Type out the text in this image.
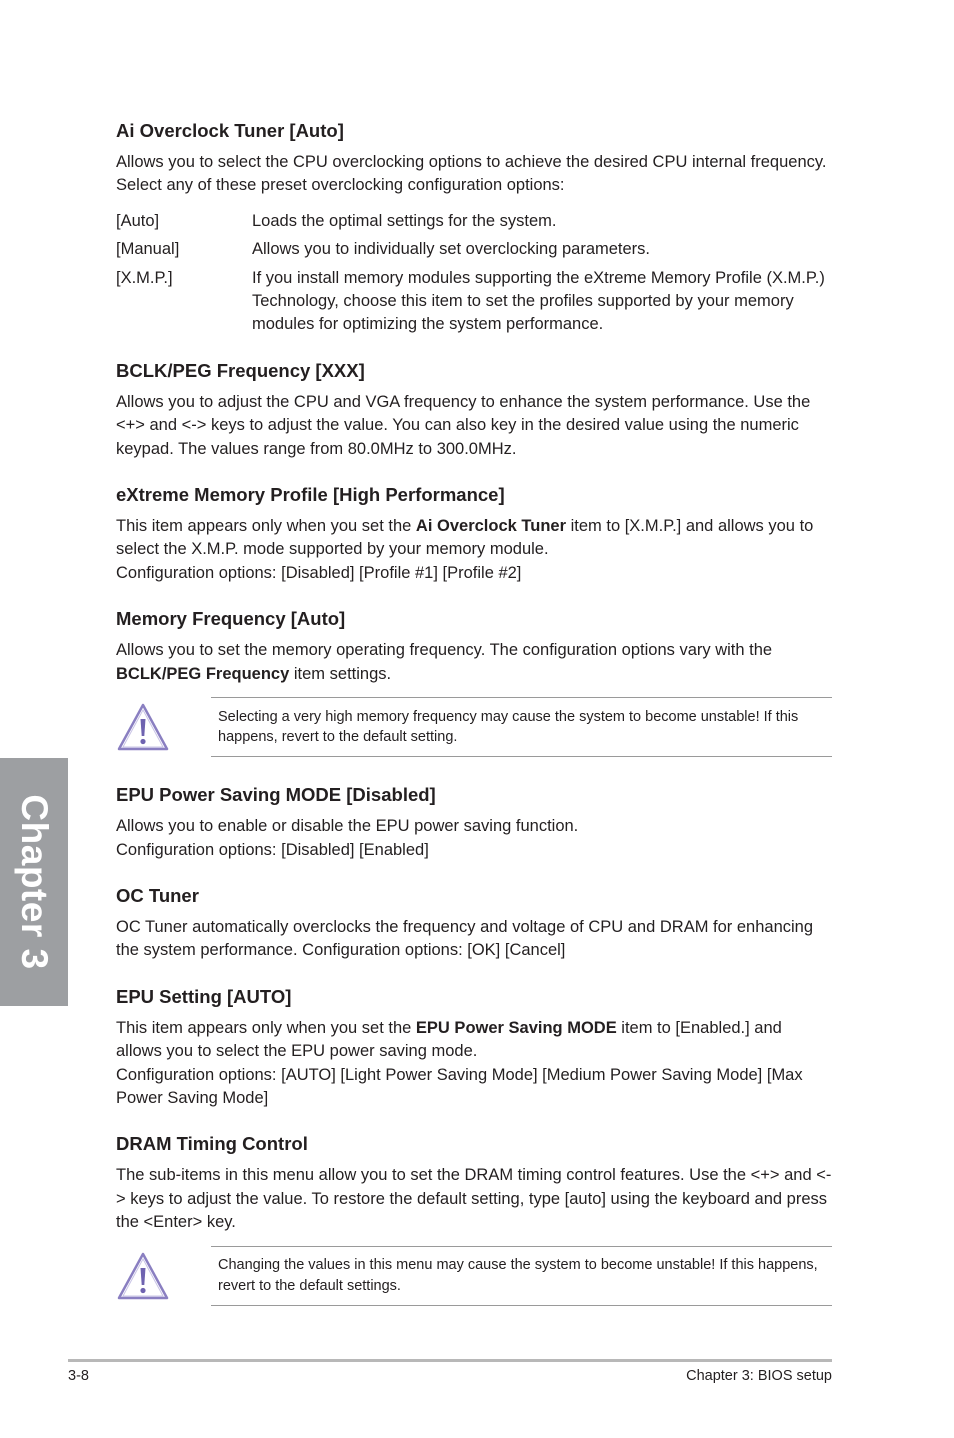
Chapter 3
Ai Overclock Tuner [Auto]

Allows you to select the CPU overclocking options to achieve the desired CPU internal frequency. Select any of these preset overclocking configuration options:

[Auto]	Loads the optimal settings for the system.
[Manual]	Allows you to individually set overclocking parameters.
[X.M.P.]	If you install memory modules supporting the eXtreme Memory Profile (X.M.P.) Technology, choose this item to set the profiles supported by your memory modules for optimizing the system performance.
BCLK/PEG Frequency [XXX]

Allows you to adjust the CPU and VGA frequency to enhance the system performance. Use the <+> and <-> keys to adjust the value. You can also key in the desired value using the numeric keypad. The values range from 80.0MHz to 300.0MHz.

eXtreme Memory Profile [High Performance]

This item appears only when you set the Ai Overclock Tuner item to [X.M.P.] and allows you to select the X.M.P. mode supported by your memory module.

Configuration options: [Disabled] [Profile #1] [Profile #2]

Memory Frequency [Auto]

Allows you to set the memory operating frequency. The configuration options vary with the BCLK/PEG Frequency item settings.

Selecting a very high memory frequency may cause the system to become unstable! If this happens, revert to the default setting.
EPU Power Saving MODE [Disabled]

Allows you to enable or disable the EPU power saving function.

Configuration options: [Disabled] [Enabled]

OC Tuner

OC Tuner automatically overclocks the frequency and voltage of CPU and DRAM for enhancing the system performance. Configuration options: [OK] [Cancel]

EPU Setting [AUTO]

This item appears only when you set the EPU Power Saving MODE item to [Enabled.] and allows you to select the EPU power saving mode.

Configuration options: [AUTO] [Light Power Saving Mode] [Medium Power Saving Mode] [Max Power Saving Mode]

DRAM Timing Control

The sub-items in this menu allow you to set the DRAM timing control features. Use the <+> and <-> keys to adjust the value. To restore the default setting, type [auto] using the keyboard and press the <Enter> key.

Changing the values in this menu may cause the system to become unstable! If this happens, revert to the default settings.
3-8	Chapter 3: BIOS setup
